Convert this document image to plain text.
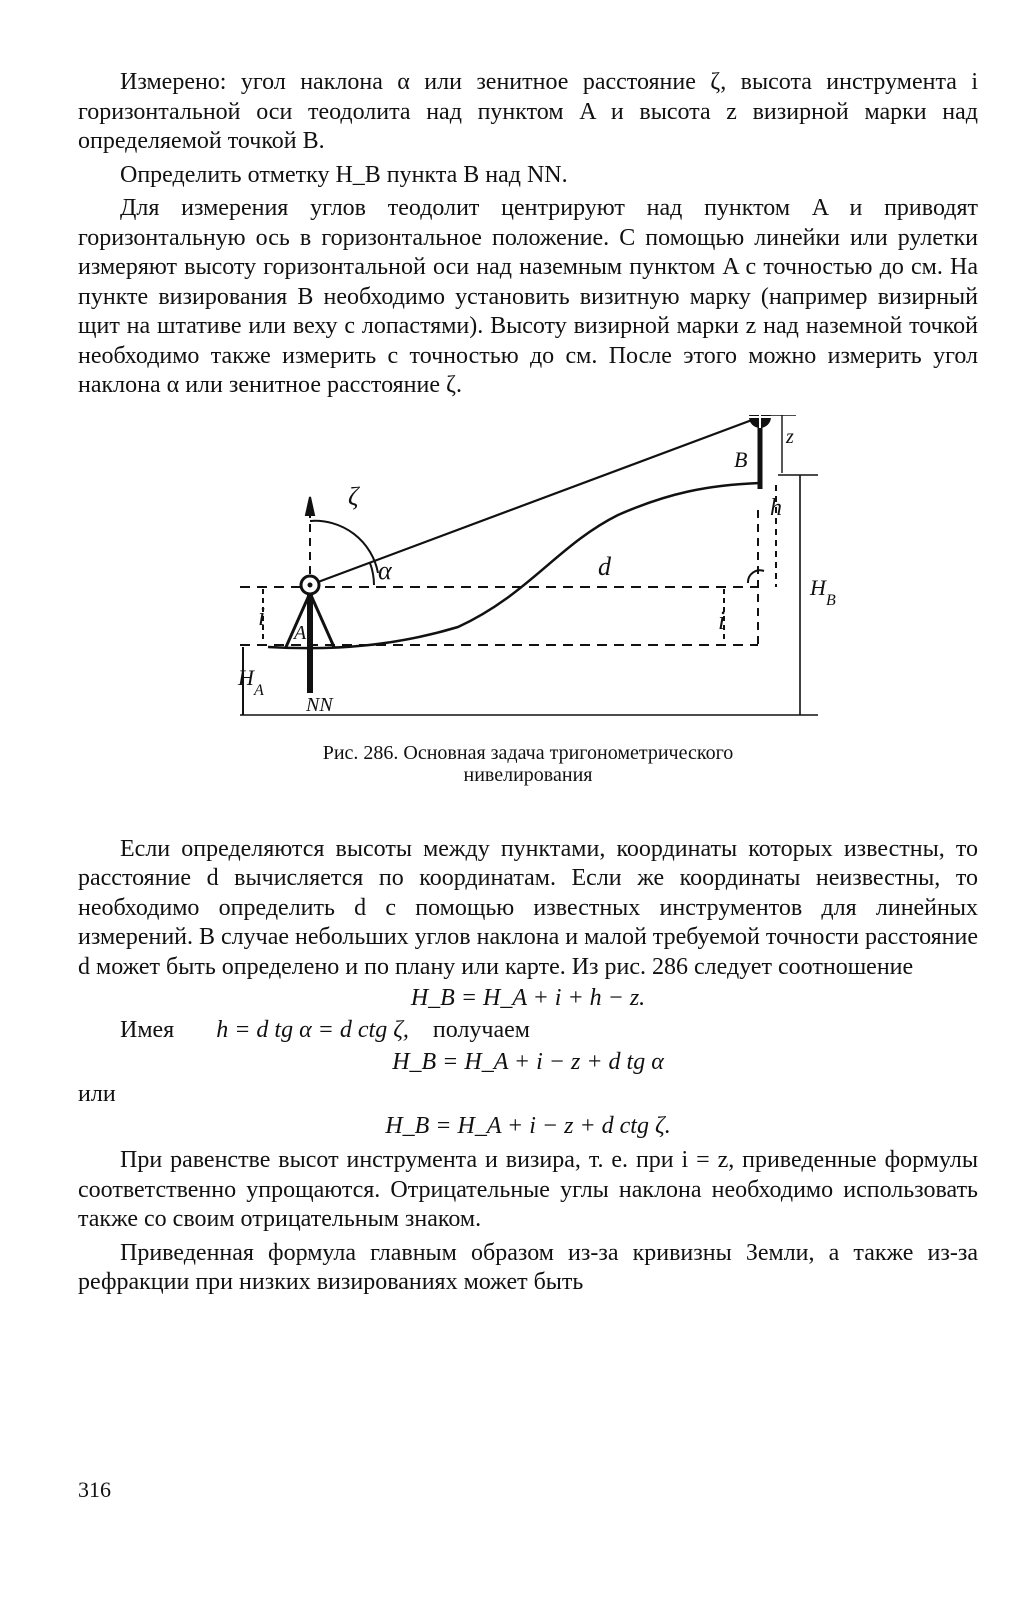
Измерено: угол наклона α или зенитное расстояние ζ, высота инструмента i горизонтальной оси теодолита над пунктом A и высота z визирной марки над определяемой точкой B.

Определить отметку H_B пункта B над NN.

Для измерения углов теодолит центрируют над пунктом A и приводят горизонтальную ось в горизонтальное положение. С помощью линейки или рулетки измеряют высоту горизонтальной оси над наземным пунктом A с точностью до см. На пункте визирования B необходимо установить визитную марку (например визирный щит на штативе или веху с лопастями). Высоту визирной марки z над наземной точкой необходимо также измерить с точностью до см. После этого можно измерить угол наклона α или зенитное расстояние ζ.

ζ
α	d
i	i
A
B
z
h
H
B
H
A
NN
Рис. 286. Основная задача тригонометрического
нивелирования

Если определяются высоты между пунктами, координаты которых известны, то расстояние d вычисляется по координатам. Если же координаты неизвестны, то необходимо определить d с помощью известных инструментов для линейных измерений. В случае небольших углов наклона и малой требуемой точности расстояние d может быть определено и по плану или карте. Из рис. 286 следует соотношение

H_B = H_A + i + h − z.
Имея h = d tg α = d ctg ζ, получаем
H_B = H_A + i − z + d tg α
или
H_B = H_A + i − z + d ctg ζ.

При равенстве высот инструмента и визира, т. е. при i = z, приведенные формулы соответственно упрощаются. Отрицательные углы наклона необходимо использовать также со своим отрицательным знаком.

Приведенная формула главным образом из-за кривизны Земли, а также из-за рефракции при низких визированиях может быть

316
